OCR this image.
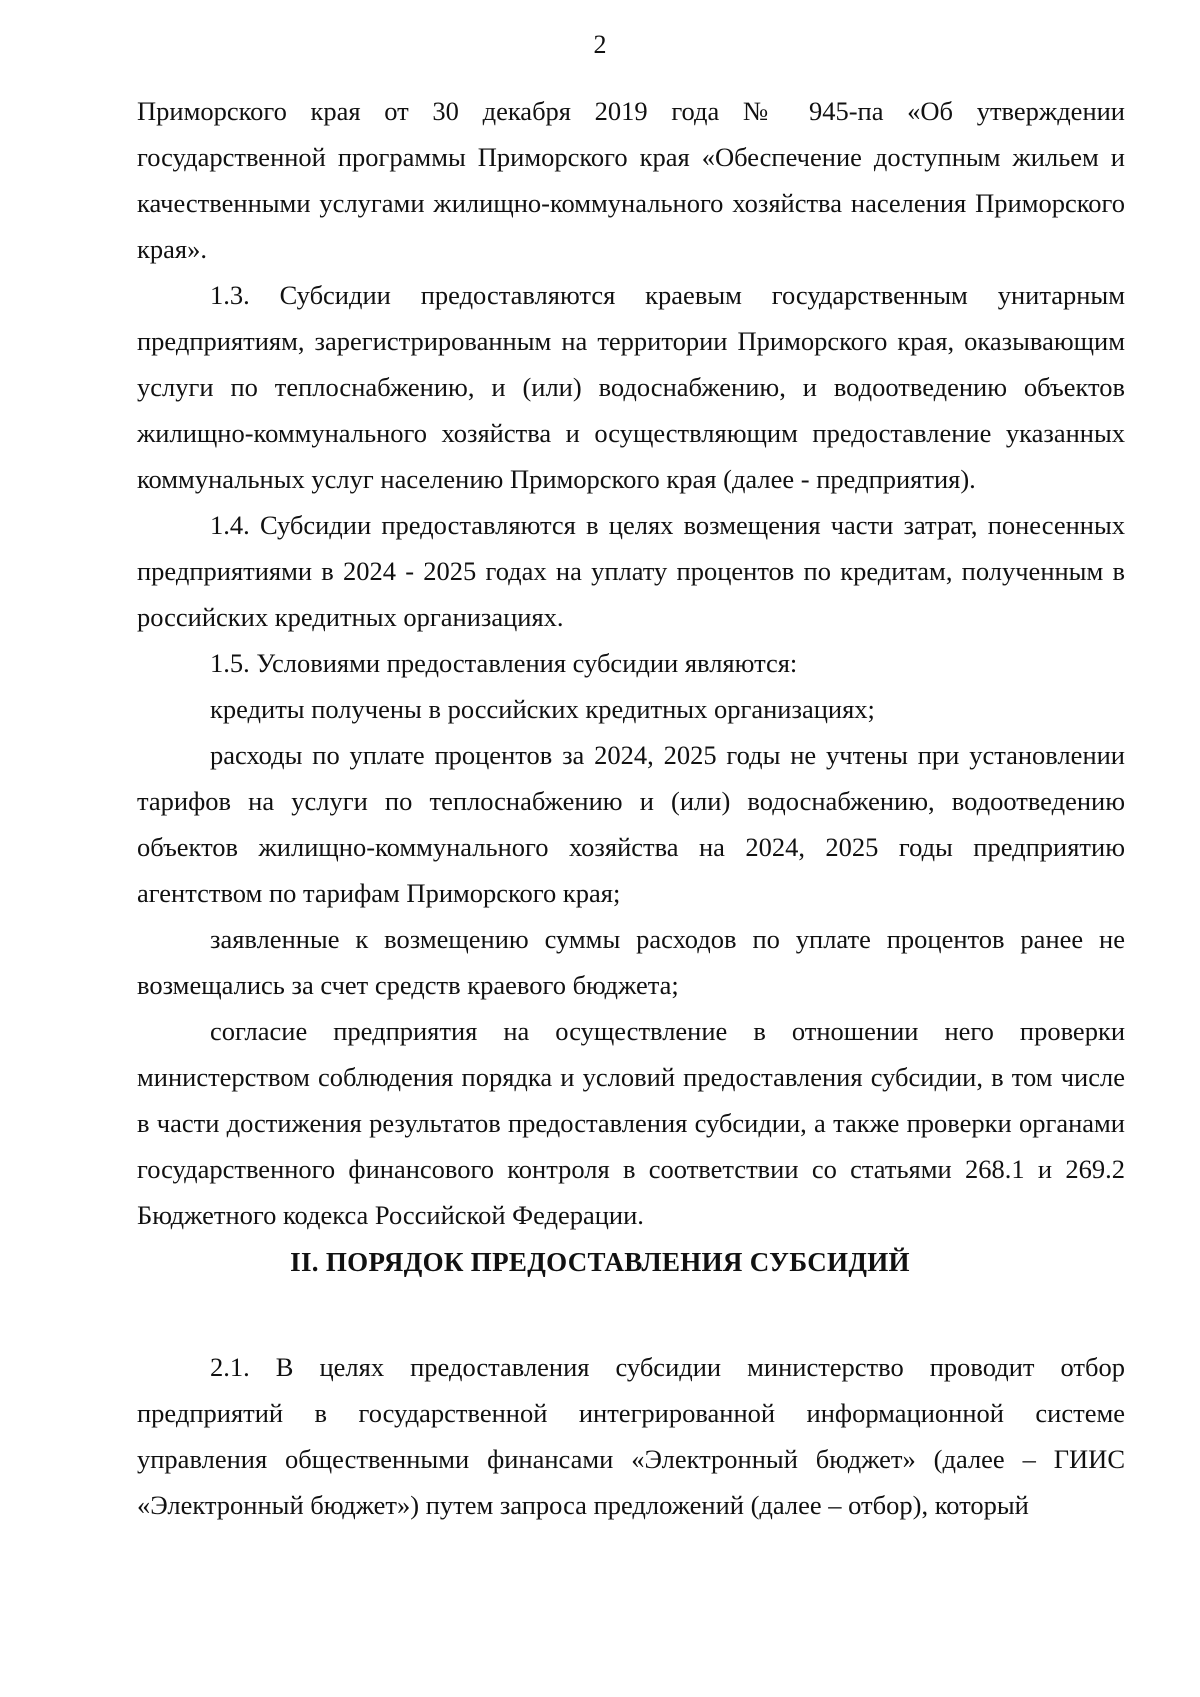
2

Приморского края от 30 декабря 2019 года № 945-па «Об утверждении государственной программы Приморского края «Обеспечение доступным жильем и качественными услугами жилищно-коммунального хозяйства населения Приморского края».

1.3. Субсидии предоставляются краевым государственным унитарным предприятиям, зарегистрированным на территории Приморского края, оказывающим услуги по теплоснабжению, и (или) водоснабжению, и водоотведению объектов жилищно-коммунального хозяйства и осуществляющим предоставление указанных коммунальных услуг населению Приморского края (далее - предприятия).

1.4. Субсидии предоставляются в целях возмещения части затрат, понесенных предприятиями в 2024 - 2025 годах на уплату процентов по кредитам, полученным в российских кредитных организациях.

1.5. Условиями предоставления субсидии являются:

кредиты получены в российских кредитных организациях;

расходы по уплате процентов за 2024, 2025 годы не учтены при установлении тарифов на услуги по теплоснабжению и (или) водоснабжению, водоотведению объектов жилищно-коммунального хозяйства на 2024, 2025 годы предприятию агентством по тарифам Приморского края;

заявленные к возмещению суммы расходов по уплате процентов ранее не возмещались за счет средств краевого бюджета;

согласие предприятия на осуществление в отношении него проверки министерством соблюдения порядка и условий предоставления субсидии, в том числе в части достижения результатов предоставления субсидии, а также проверки органами государственного финансового контроля в соответствии со статьями 268.1 и 269.2 Бюджетного кодекса Российской Федерации.

II. ПОРЯДОК ПРЕДОСТАВЛЕНИЯ СУБСИДИЙ

2.1. В целях предоставления субсидии министерство проводит отбор предприятий в государственной интегрированной информационной системе управления общественными финансами «Электронный бюджет» (далее – ГИИС «Электронный бюджет») путем запроса предложений (далее – отбор), который
